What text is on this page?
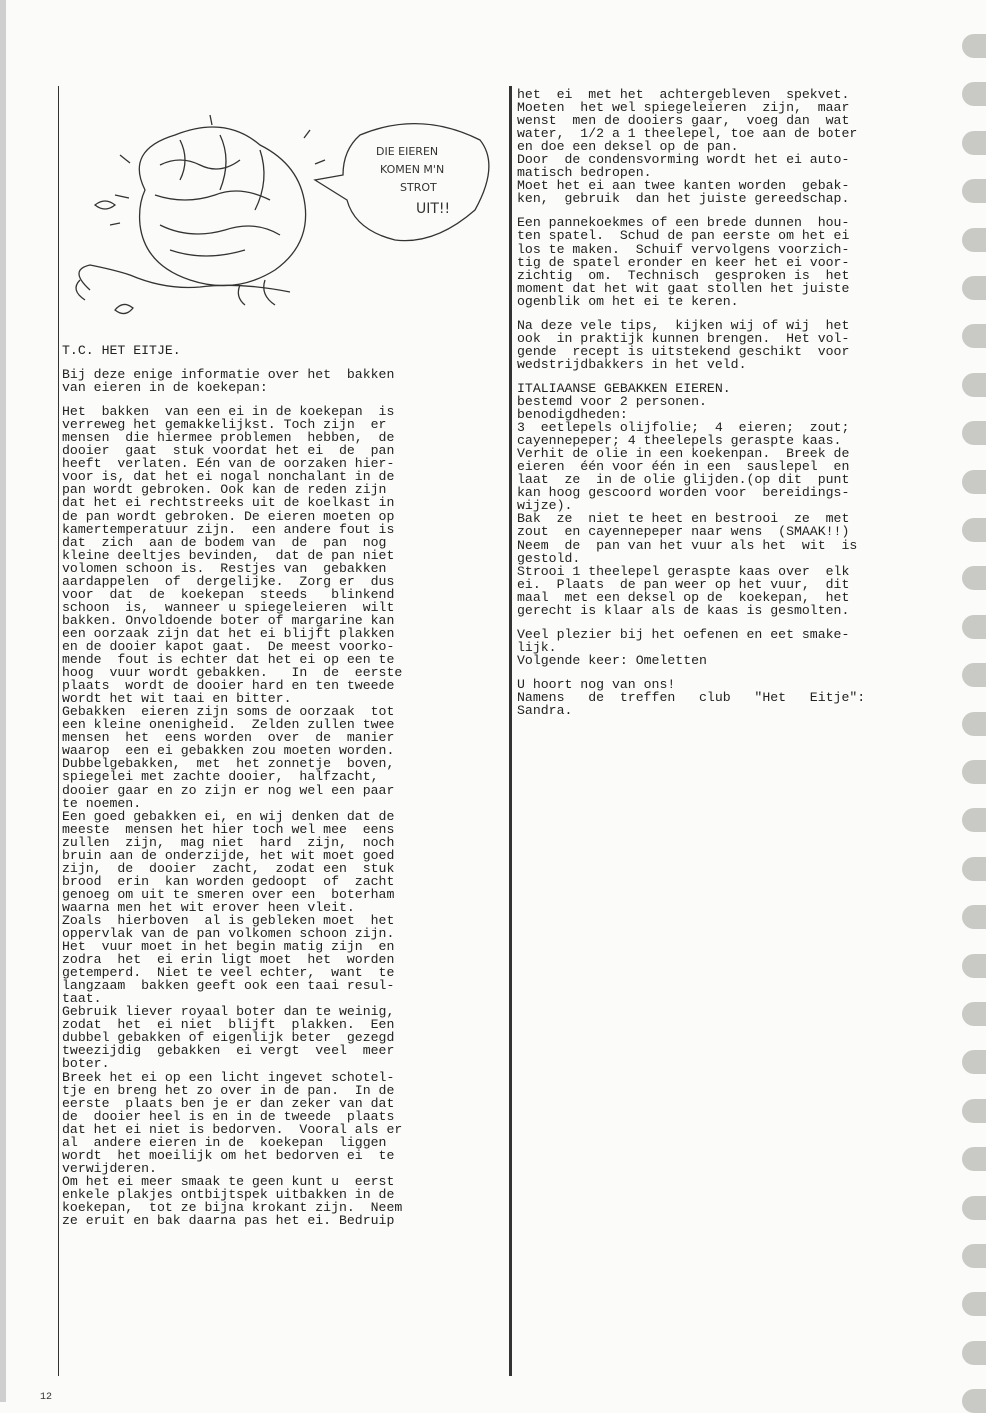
DIE EIEREN
KOMEN M'N
STROT
UIT!!
T.C. HET EITJE.
Bij deze enige informatie over het  bakken
van eieren in de koekepan:
Het  bakken  van een ei in de koekepan  is
verreweg het gemakkelijkst. Toch zijn  er
mensen  die hiermee problemen  hebben,  de
dooier  gaat  stuk voordat het ei  de  pan
heeft  verlaten. Eén van de oorzaken hier-
voor is, dat het ei nogal nonchalant in de
pan wordt gebroken. Ook kan de reden zijn
dat het ei rechtstreeks uit de koelkast in
de pan wordt gebroken. De eieren moeten op
kamertemperatuur zijn.  een andere fout is
dat  zich  aan de bodem van  de  pan  nog
kleine deeltjes bevinden,  dat de pan niet
volomen schoon is.  Restjes van  gebakken
aardappelen  of  dergelijke.  Zorg er  dus
voor  dat  de  koekepan  steeds   blinkend
schoon  is,  wanneer u spiegeleieren  wilt
bakken. Onvoldoende boter of margarine kan
een oorzaak zijn dat het ei blijft plakken
en de dooier kapot gaat.  De meest voorko-
mende  fout is echter dat het ei op een te
hoog  vuur wordt gebakken.   In  de  eerste
plaats  wordt de dooier hard en ten tweede
wordt het wit taai en bitter.
Gebakken  eieren zijn soms de oorzaak  tot
een kleine onenigheid.  Zelden zullen twee
mensen  het  eens worden  over  de  manier
waarop  een ei gebakken zou moeten worden.
Dubbelgebakken,  met  het zonnetje  boven,
spiegelei met zachte dooier,  halfzacht,
dooier gaar en zo zijn er nog wel een paar
te noemen.
Een goed gebakken ei, en wij denken dat de
meeste  mensen het hier toch wel mee  eens
zullen  zijn,  mag niet  hard  zijn,  noch
bruin aan de onderzijde, het wit moet goed
zijn,  de  dooier  zacht,  zodat een  stuk
brood  erin  kan worden gedoopt  of  zacht
genoeg om uit te smeren over een  boterham
waarna men het wit erover heen vleit.
Zoals  hierboven  al is gebleken moet  het
oppervlak van de pan volkomen schoon zijn.
Het  vuur moet in het begin matig zijn  en
zodra  het  ei erin ligt moet  het  worden
getemperd.  Niet te veel echter,  want  te
langzaam  bakken geeft ook een taai resul-
taat.
Gebruik liever royaal boter dan te weinig,
zodat  het  ei niet  blijft  plakken.  Een
dubbel gebakken of eigenlijk beter  gezegd
tweezijdig  gebakken  ei vergt  veel  meer
boter.
Breek het ei op een licht ingevet schotel-
tje en breng het zo over in de pan.  In de
eerste  plaats ben je er dan zeker van dat
de  dooier heel is en in de tweede  plaats
dat het ei niet is bedorven.  Vooral als er
al  andere eieren in de  koekepan  liggen
wordt  het moeilijk om het bedorven ei  te
verwijderen.
Om het ei meer smaak te geen kunt u  eerst
enkele plakjes ontbijtspek uitbakken in de
koekepan,  tot ze bijna krokant zijn.  Neem
ze eruit en bak daarna pas het ei. Bedruip
het  ei  met het  achtergebleven  spekvet.
Moeten  het wel spiegeleieren  zijn,  maar
wenst  men de dooiers gaar,  voeg dan  wat
water,  1/2 a 1 theelepel, toe aan de boter
en doe een deksel op de pan.
Door  de condensvorming wordt het ei auto-
matisch bedropen.
Moet het ei aan twee kanten worden  gebak-
ken,  gebruik  dan het juiste gereedschap.
Een pannekoekmes of een brede dunnen  hou-
ten spatel.  Schud de pan eerste om het ei
los te maken.  Schuif vervolgens voorzich-
tig de spatel eronder en keer het ei voor-
zichtig  om.  Technisch  gesproken is  het
moment dat het wit gaat stollen het juiste
ogenblik om het ei te keren.
Na deze vele tips,  kijken wij of wij  het
ook  in praktijk kunnen brengen.  Het vol-
gende  recept is uitstekend geschikt  voor
wedstrijdbakkers in het veld.
ITALIAANSE GEBAKKEN EIEREN.
bestemd voor 2 personen.
benodigdheden:
3  eetlepels olijfolie;  4  eieren;  zout;
cayennepeper; 4 theelepels geraspte kaas.
Verhit de olie in een koekenpan.  Breek de
eieren  één voor één in een  sauslepel  en
laat  ze  in de olie glijden.(op dit  punt
kan hoog gescoord worden voor  bereidings-
wijze).
Bak  ze  niet te heet en bestrooi  ze  met
zout  en cayennepeper naar wens  (SMAAK!!)
Neem  de  pan van het vuur als het  wit  is
gestold.
Strooi 1 theelepel geraspte kaas over  elk
ei.  Plaats  de pan weer op het vuur,  dit
maal  met een deksel op de  koekepan,  het
gerecht is klaar als de kaas is gesmolten.
Veel plezier bij het oefenen en eet smake-
lijk.
Volgende keer: Omeletten
U hoort nog van ons!
Namens   de  treffen   club   "Het   Eitje":
Sandra.
12
